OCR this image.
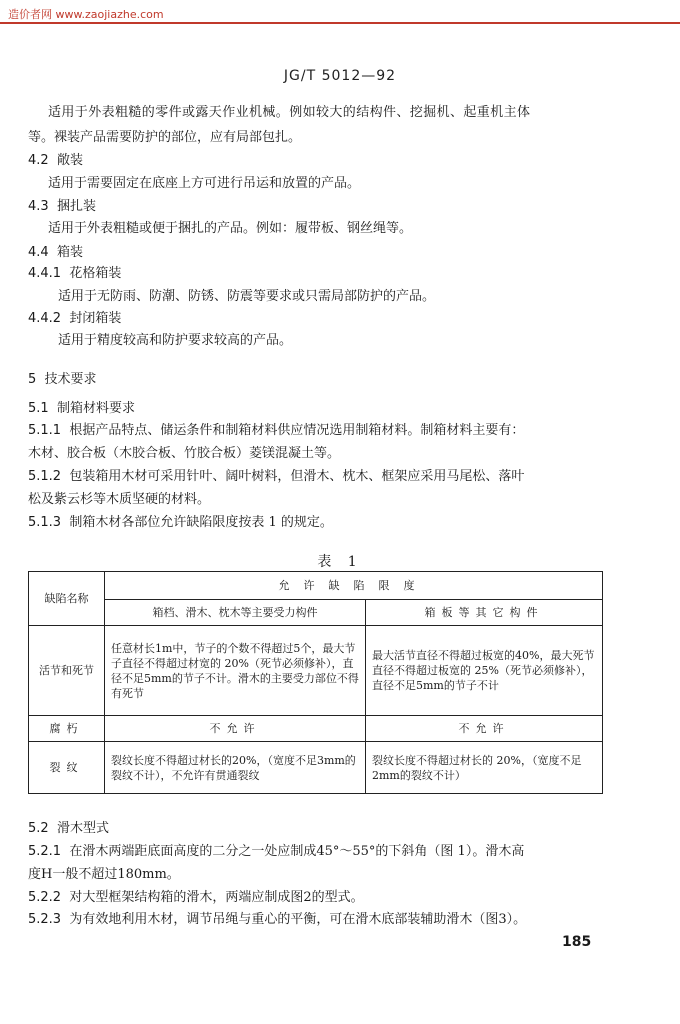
造价者网 www.zaojiazhe.com
JG/T 5012—92
适用于外表粗糙的零件或露天作业机械。例如较大的结构件、挖掘机、起重机主体
等。裸装产品需要防护的部位，应有局部包扎。
4.2 敞装
适用于需要固定在底座上方可进行吊运和放置的产品。
4.3 捆扎装
适用于外表粗糙或便于捆扎的产品。例如：履带板、钢丝绳等。
4.4 箱装
4.4.1 花格箱装
适用于无防雨、防潮、防锈、防震等要求或只需局部防护的产品。
4.4.2 封闭箱装
适用于精度较高和防护要求较高的产品。
5 技术要求
5.1 制箱材料要求
5.1.1 根据产品特点、储运条件和制箱材料供应情况选用制箱材料。制箱材料主要有：
木材、胶合板（木胶合板、竹胶合板）菱镁混凝土等。
5.1.2 包装箱用木材可采用针叶、阔叶树料，但滑木、枕木、框架应采用马尾松、落叶
松及紫云杉等木质坚硬的材料。
5.1.3 制箱木材各部位允许缺陷限度按表 1 的规定。
表 1
缺陷名称	允许缺陷限度	
	箱档、滑木、枕木等主要受力构件	箱板等其它构件
活节和死节	任意材长1m中，节子的个数不得超过5个，最大节子直径不得超过材宽的 20%（死节必须修补），直径不足5mm的节子不计。滑木的主要受力部位不得有死节	最大活节直径不得超过板宽的40%，最大死节直径不得超过板宽的 25%（死节必须修补），直径不足5mm的节子不计
腐朽	不允许	不允许
裂纹	裂纹长度不得超过材长的20%，（宽度不足3mm的裂纹不计），不允许有贯通裂纹	裂纹长度不得超过材长的 20%，（宽度不足2mm的裂纹不计）
5.2 滑木型式
5.2.1 在滑木两端距底面高度的二分之一处应制成45°～55°的下斜角（图 1）。滑木高
度H一般不超过180mm。
5.2.2 对大型框架结构箱的滑木，两端应制成图2的型式。
5.2.3 为有效地利用木材，调节吊绳与重心的平衡，可在滑木底部装辅助滑木（图3）。
185
